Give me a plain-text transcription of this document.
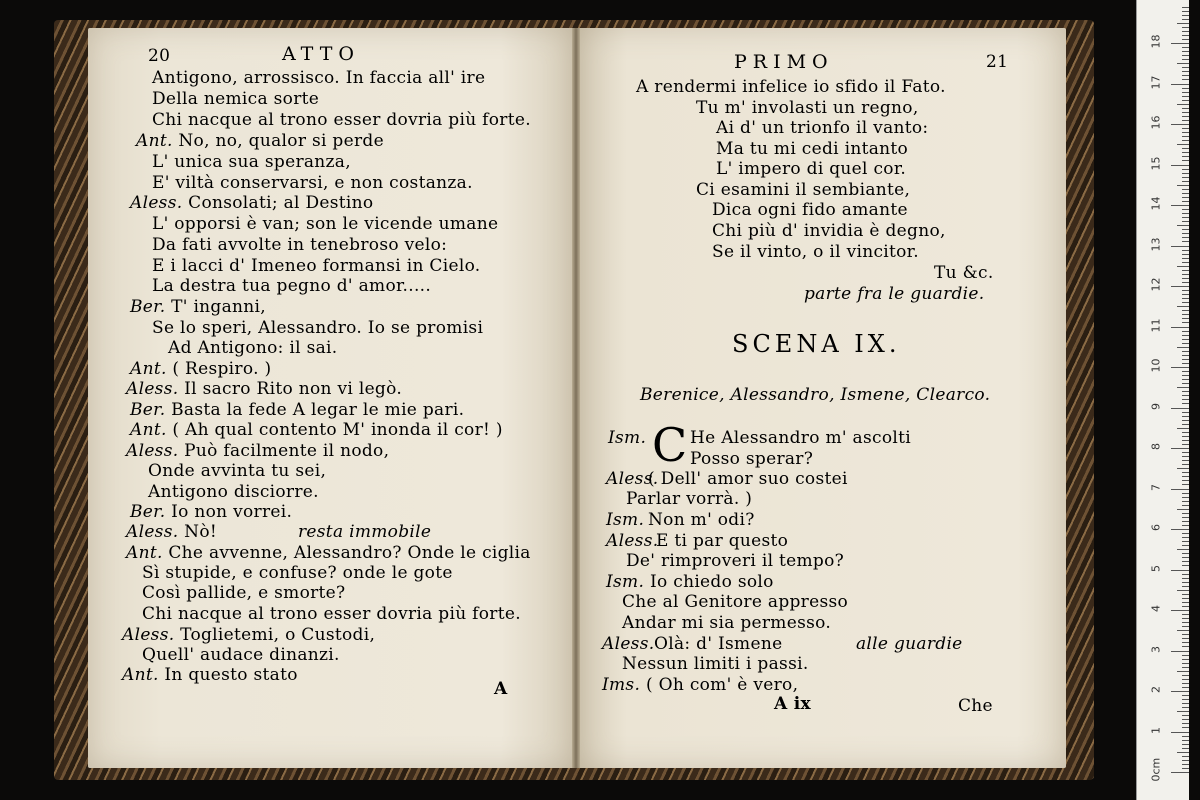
20	ATTO
Antigono, arrossisco. In faccia all' ire
Della nemica sorte
Chi nacque al trono esser dovria più forte.
Ant. No, no, qualor si perde
L' unica sua speranza,
E' viltà conservarsi, e non costanza.
Aless. Consolati; al Destino
L' opporsi è van; son le vicende umane
Da fati avvolte in tenebroso velo:
E i lacci d' Imeneo formansi in Cielo.
La destra tua pegno d' amor.....
Ber. T' inganni,
Se lo speri, Alessandro. Io se promisi
Ad Antigono: il sai.
Ant. ( Respiro. )
Aless. Il sacro Rito non vi legò.
Ber. Basta la fede A legar le mie pari.
Ant. ( Ah qual contento M' inonda il cor! )
Aless. Può facilmente il nodo,
Onde avvinta tu sei,
Antigono disciorre.
Ber. Io non vorrei.
Aless. Nò!	resta immobile
Ant. Che avvenne, Alessandro? Onde le ciglia
Sì stupide, e confuse? onde le gote
Così pallide, e smorte?
Chi nacque al trono esser dovria più forte.
Aless. Toglietemi, o Custodi,
Quell' audace dinanzi.
Ant. In questo stato
A
PRIMO	21
A rendermi infelice io sfido il Fato.
Tu m' involasti un regno,
Ai d' un trionfo il vanto:
Ma tu mi cedi intanto
L' impero di quel cor.
Ci esamini il sembiante,
Dica ogni fido amante
Chi più d' invidia è degno,
Se il vinto, o il vincitor.
Tu &c.
parte fra le guardie.
SCENA IX.
Berenice, Alessandro, Ismene, Clearco.
C
Ism.	He Alessandro m' ascolti
Posso sperar?
Aless.
( Dell' amor suo costei
Parlar vorrà. )
Ism. Non m' odi?
Aless.
E ti par questo
De' rimproveri il tempo?
Ism. Io chiedo solo
Che al Genitore appresso
Andar mi sia permesso.
Aless. Olà: d' Ismene
Nessun limiti i passi.
Ims. ( Oh com' è vero,
alle guardie
A ix	Che
0cm
1
2
3
4
5
6
7
8
9
10
11
12
13
14
15
16
17
18
